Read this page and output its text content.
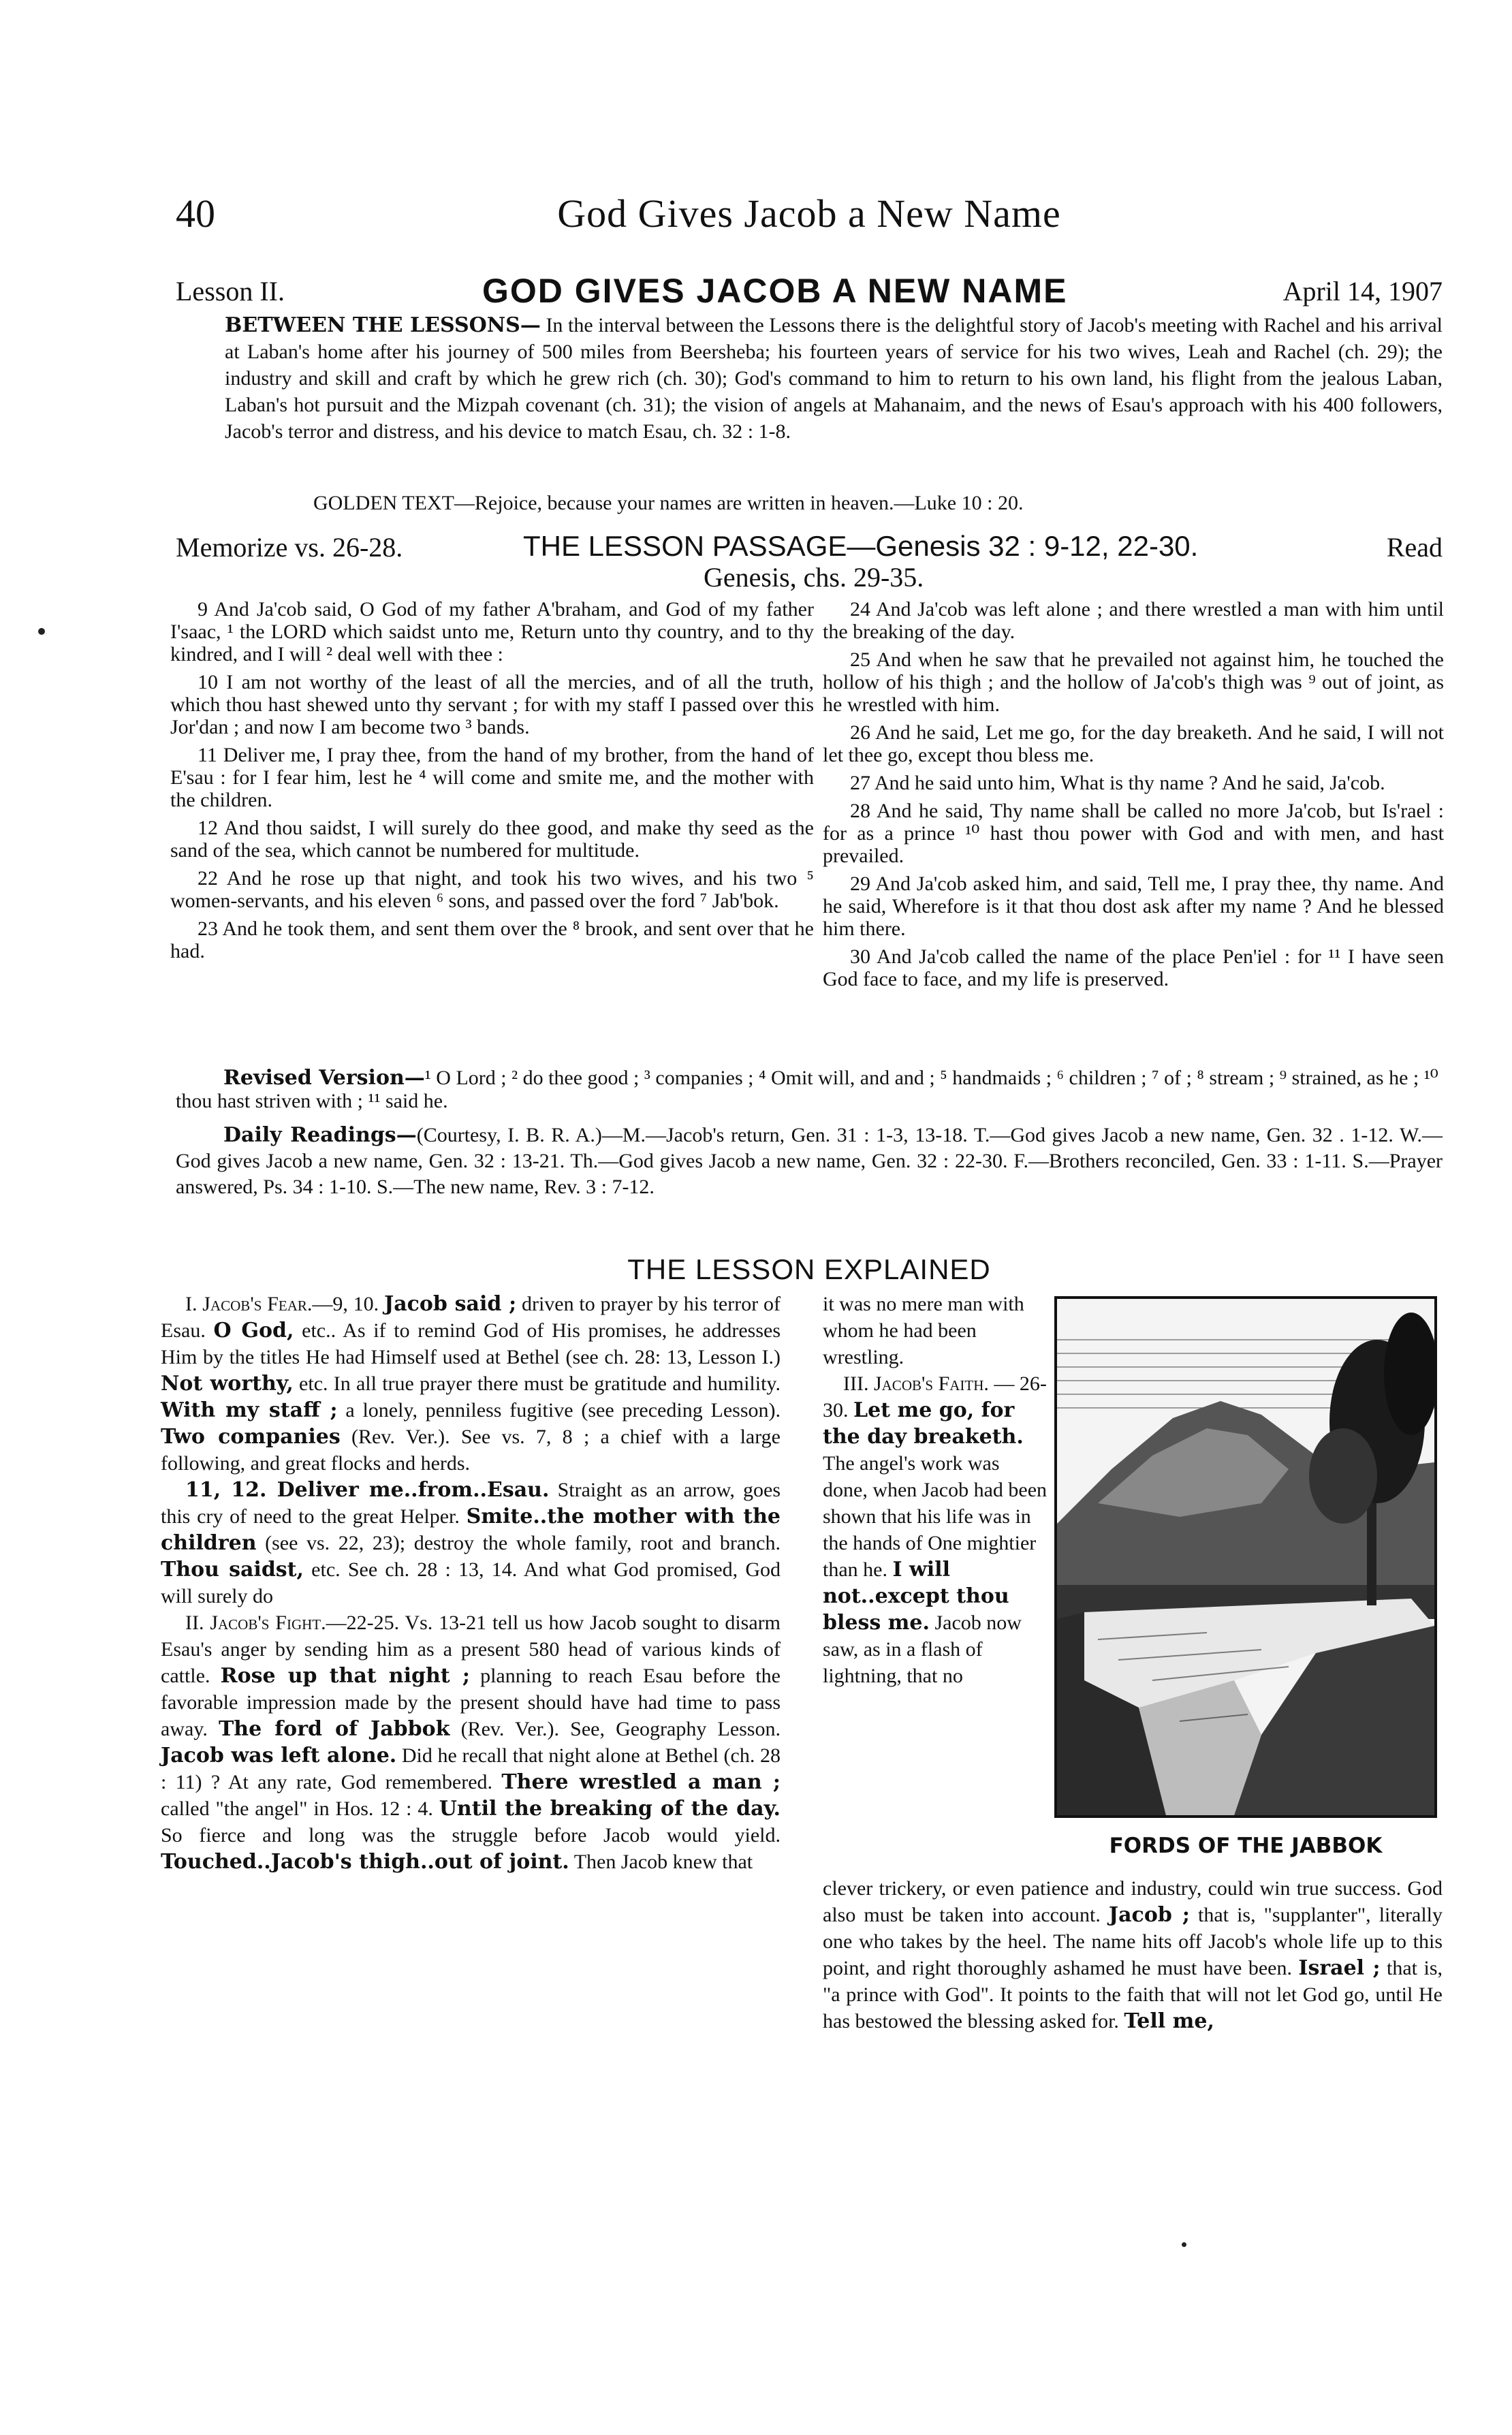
40	God Gives Jacob a New Name
Lesson II.	GOD GIVES JACOB A NEW NAME	April 14, 1907

BETWEEN THE LESSONS— In the interval between the Lessons there is the delightful story of Jacob's meeting with Rachel and his arrival at Laban's home after his journey of 500 miles from Beersheba; his fourteen years of service for his two wives, Leah and Rachel (ch. 29); the industry and skill and craft by which he grew rich (ch. 30); God's command to him to return to his own land, his flight from the jealous Laban, Laban's hot pursuit and the Mizpah covenant (ch. 31); the vision of angels at Mahanaim, and the news of Esau's approach with his 400 followers, Jacob's terror and distress, and his device to match Esau, ch. 32 : 1-8.

GOLDEN TEXT—Rejoice, because your names are written in heaven.—Luke 10 : 20.
Memorize vs. 26-28.	THE LESSON PASSAGE—Genesis 32 : 9-12, 22-30.	Read
Genesis, chs. 29-35.

9 And Ja'cob said, O God of my father A'braham, and God of my father I'saac, ¹ the LORD which saidst unto me, Return unto thy country, and to thy kindred, and I will ² deal well with thee :

10 I am not worthy of the least of all the mercies, and of all the truth, which thou hast shewed unto thy servant ; for with my staff I passed over this Jor'dan ; and now I am become two ³ bands.

11 Deliver me, I pray thee, from the hand of my brother, from the hand of E'sau : for I fear him, lest he ⁴ will come and smite me, and the mother with the children.

12 And thou saidst, I will surely do thee good, and make thy seed as the sand of the sea, which cannot be numbered for multitude.

22 And he rose up that night, and took his two wives, and his two ⁵ women-servants, and his eleven ⁶ sons, and passed over the ford ⁷ Jab'bok.

23 And he took them, and sent them over the ⁸ brook, and sent over that he had.

24 And Ja'cob was left alone ; and there wrestled a man with him until the breaking of the day.

25 And when he saw that he prevailed not against him, he touched the hollow of his thigh ; and the hollow of Ja'cob's thigh was ⁹ out of joint, as he wrestled with him.

26 And he said, Let me go, for the day breaketh. And he said, I will not let thee go, except thou bless me.

27 And he said unto him, What is thy name ? And he said, Ja'cob.

28 And he said, Thy name shall be called no more Ja'cob, but Is'rael : for as a prince ¹⁰ hast thou power with God and with men, and hast prevailed.

29 And Ja'cob asked him, and said, Tell me, I pray thee, thy name. And he said, Wherefore is it that thou dost ask after my name ? And he blessed him there.

30 And Ja'cob called the name of the place Pen'iel : for ¹¹ I have seen God face to face, and my life is preserved.

Revised Version—¹ O Lord ; ² do thee good ; ³ companies ; ⁴ Omit will, and and ; ⁵ handmaids ; ⁶ children ; ⁷ of ; ⁸ stream ; ⁹ strained, as he ; ¹⁰ thou hast striven with ; ¹¹ said he.
Daily Readings—(Courtesy, I. B. R. A.)—M.—Jacob's return, Gen. 31 : 1-3, 13-18. T.—God gives Jacob a new name, Gen. 32 . 1-12. W.—God gives Jacob a new name, Gen. 32 : 13-21. Th.—God gives Jacob a new name, Gen. 32 : 22-30. F.—Brothers reconciled, Gen. 33 : 1-11. S.—Prayer answered, Ps. 34 : 1-10. S.—The new name, Rev. 3 : 7-12.
THE LESSON EXPLAINED

I. Jacob's Fear.—9, 10. Jacob said ; driven to prayer by his terror of Esau. O God, etc.. As if to remind God of His promises, he addresses Him by the titles He had Himself used at Bethel (see ch. 28: 13, Lesson I.) Not worthy, etc. In all true prayer there must be gratitude and humility. With my staff ; a lonely, penniless fugitive (see preceding Lesson). Two companies (Rev. Ver.). See vs. 7, 8 ; a chief with a large following, and great flocks and herds.

11, 12. Deliver me..from..Esau. Straight as an arrow, goes this cry of need to the great Helper. Smite..the mother with the children (see vs. 22, 23); destroy the whole family, root and branch. Thou saidst, etc. See ch. 28 : 13, 14. And what God promised, God will surely do

II. Jacob's Fight.—22-25. Vs. 13-21 tell us how Jacob sought to disarm Esau's anger by sending him as a present 580 head of various kinds of cattle. Rose up that night ; planning to reach Esau before the favorable impression made by the present should have had time to pass away. The ford of Jabbok (Rev. Ver.). See, Geography Lesson. Jacob was left alone. Did he recall that night alone at Bethel (ch. 28 : 11) ? At any rate, God remembered. There wrestled a man ; called "the angel" in Hos. 12 : 4. Until the breaking of the day. So fierce and long was the struggle before Jacob would yield. Touched..Jacob's thigh..out of joint. Then Jacob knew that

it was no mere man with whom he had been wrestling.

III. Jacob's Faith. — 26-30. Let me go, for the day breaketh. The angel's work was done, when Jacob had been shown that his life was in the hands of One mightier than he. I will not..except thou bless me. Jacob now saw, as in a flash of lightning, that no

FORDS OF THE JABBOK
clever trickery, or even patience and industry, could win true success. God also must be taken into account. Jacob ; that is, "supplanter", literally one who takes by the heel. The name hits off Jacob's whole life up to this point, and right thoroughly ashamed he must have been. Israel ; that is, "a prince with God". It points to the faith that will not let God go, until He has bestowed the blessing asked for. Tell me,
